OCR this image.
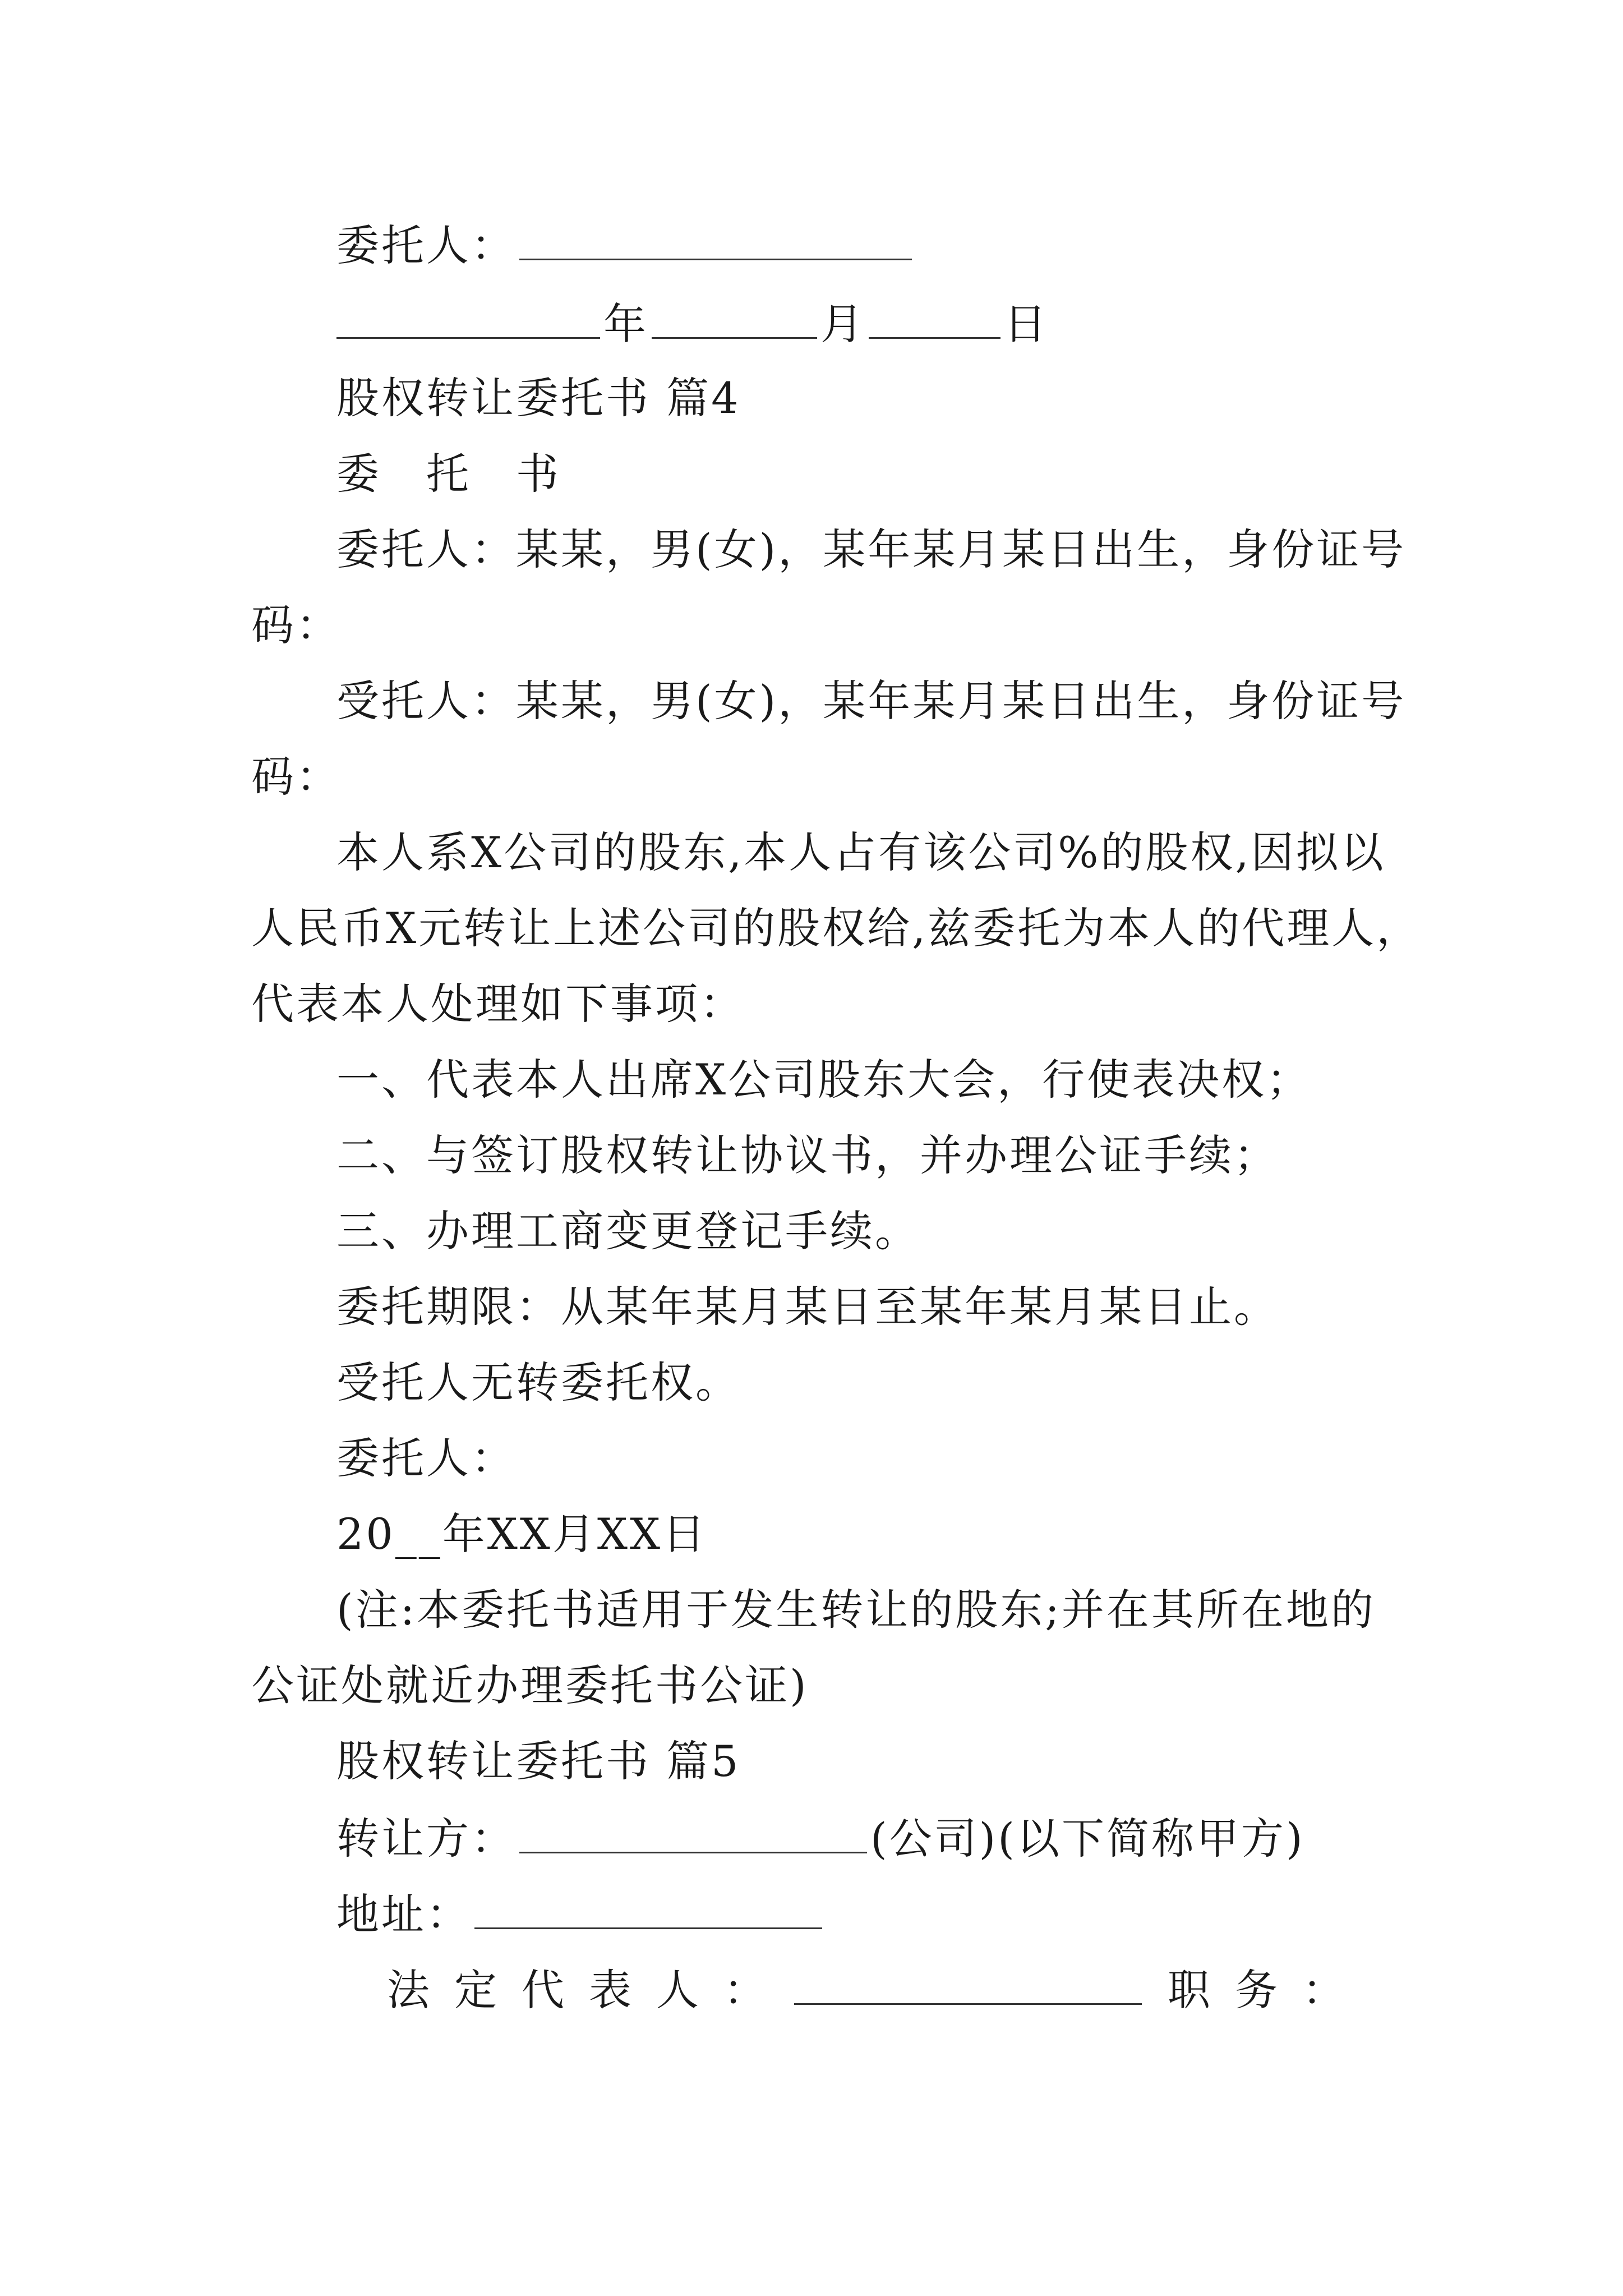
委托人：
年	月	日
股权转让委托书 篇4
委　托　书
委托人：某某，男(女)，某年某月某日出生，身份证号
码：
受托人：某某，男(女)，某年某月某日出生，身份证号
码：
本人系X公司的股东,本人占有该公司%的股权,因拟以
人民币X元转让上述公司的股权给,兹委托为本人的代理人，
代表本人处理如下事项：
一、代表本人出席X公司股东大会，行使表决权；
二、与签订股权转让协议书，并办理公证手续；
三、办理工商变更登记手续。
委托期限：从某年某月某日至某年某月某日止。
受托人无转委托权。
委托人：
20__年XX月XX日
(注:本委托书适用于发生转让的股东;并在其所在地的
公证处就近办理委托书公证)
股权转让委托书 篇5
转让方：	(公司)(以下简称甲方)
地址：
法定代表人：	职务：
